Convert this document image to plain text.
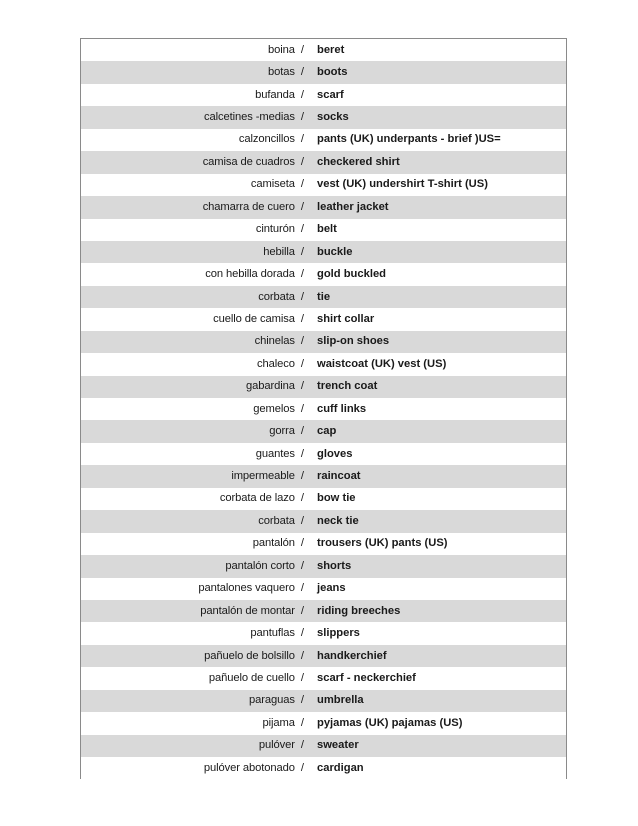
boina /	beret
botas /	boots
bufanda /	scarf
calcetines -medias /	socks
calzoncillos /	pants (UK) underpants - brief )US=
camisa de cuadros /	checkered shirt
camiseta /	vest (UK) undershirt T-shirt (US)
chamarra de cuero /	leather jacket
cinturón /	belt
hebilla /	buckle
con hebilla dorada /	gold buckled
corbata /	tie
cuello de camisa /	shirt collar
chinelas /	slip-on shoes
chaleco /	waistcoat (UK) vest (US)
gabardina /	trench coat
gemelos /	cuff links
gorra /	cap
guantes /	gloves
impermeable /	raincoat
corbata de lazo /	bow tie
corbata /	neck tie
pantalón /	trousers (UK) pants (US)
pantalón corto /	shorts
pantalones vaquero /	jeans
pantalón de montar /	riding breeches
pantuflas /	slippers
pañuelo de bolsillo /	handkerchief
pañuelo de cuello /	scarf - neckerchief
paraguas /	umbrella
pijama /	pyjamas (UK) pajamas (US)
pulóver /	sweater
pulóver abotonado /	cardigan
